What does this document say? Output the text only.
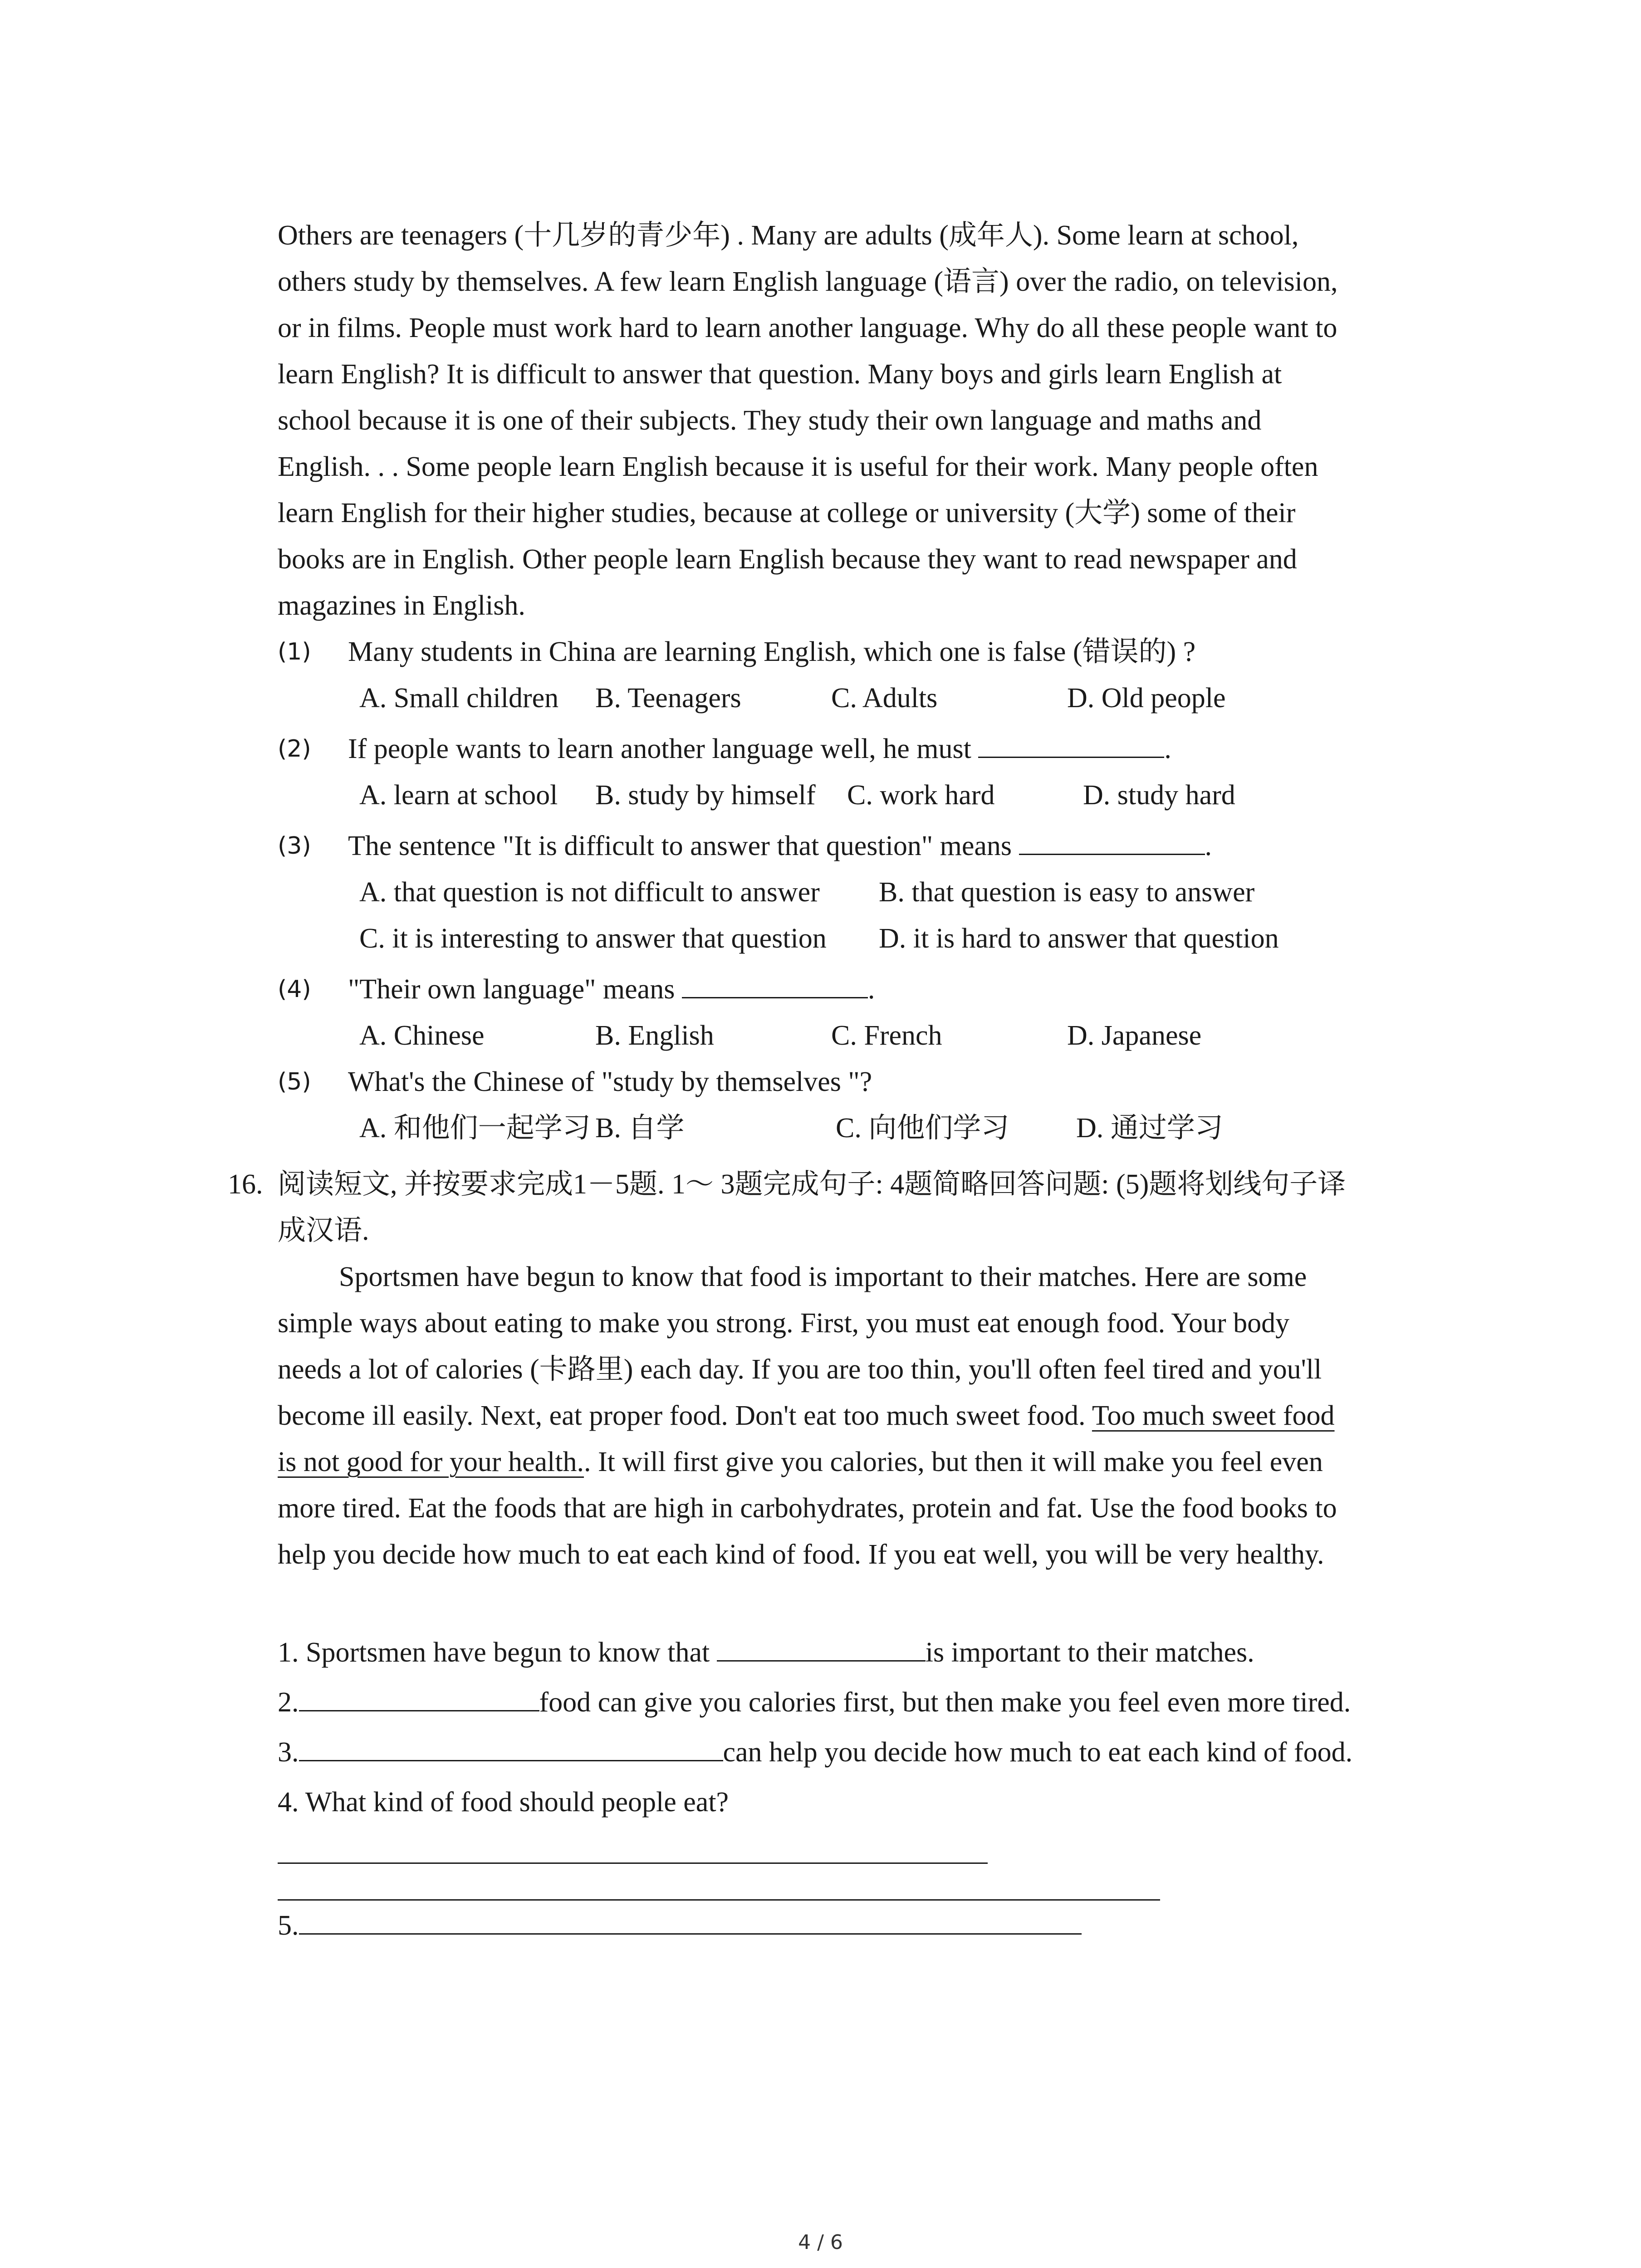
Others are teenagers (十几岁的青少年) . Many are adults (成年人). Some learn at school,
others study by themselves. A few learn English language (语言) over the radio, on television,
or in films. People must work hard to learn another language. Why do all these people want to
learn English? It is difficult to answer that question. Many boys and girls learn English at
school because it is one of their subjects. They study their own language and maths and
English. . . Some people learn English because it is useful for their work. Many people often
learn English for their higher studies, because at college or university (大学) some of their
books are in English. Other people learn English because they want to read newspaper and
magazines in English.
(1) Many students in China are learning English, which one is false (错误的) ?
A. Small children B. Teenagers	C. Adults	D. Old people
(2) If people wants to learn another language well, he must	.
A. learn at school B. study by himself C. work hard	D. study hard
(3) The sentence "It is difficult to answer that question" means	.
A. that question is not difficult to answer B. that question is easy to answer
C. it is interesting to answer that question D. it is hard to answer that question
(4) "Their own language" means	.
A. Chinese	B. English	C. French	D. Japanese
(5) What's the Chinese of "study by themselves "?
A. 和他们一起学习 B. 自学	C. 向他们学习 D. 通过学习
16. 阅读短文, 并按要求完成1－5题. 1～ 3题完成句子: 4题简略回答问题: (5)题将划线句子译
成汉语.
Sportsmen have begun to know that food is important to their matches. Here are some
simple ways about eating to make you strong. First, you must eat enough food. Your body
needs a lot of calories (卡路里) each day. If you are too thin, you'll often feel tired and you'll
become ill easily. Next, eat proper food. Don't eat too much sweet food. Too much sweet food
is not good for your health.. It will first give you calories, but then it will make you feel even
more tired. Eat the foods that are high in carbohydrates, protein and fat. Use the food books to
help you decide how much to eat each kind of food. If you eat well, you will be very healthy.
1. Sportsmen have begun to know that	is important to their matches.
2.	food can give you calories first, but then make you feel even more tired.
3.	can help you decide how much to eat each kind of food.
4. What kind of food should people eat?
5.
4 / 6
